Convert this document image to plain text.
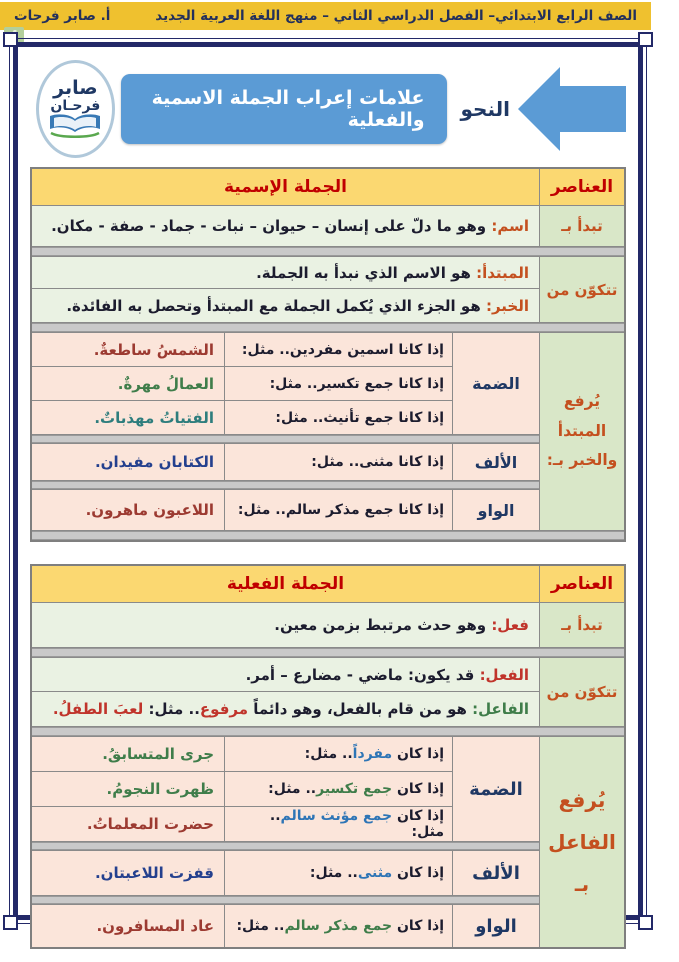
الصف الرابع الابتدائي– الفصل الدراسي الثاني – منهج اللغة العربية الجديد
أ. صابر فرحات
النحو
علامات إعراب الجملة الاسمية والفعلية
صابر
فرحـان
العناصر
الجملة الإسمية
تبدأ بـ
اسم: وهو ما دلّ على إنسان – حيوان – نبات - جماد - صفة - مكان.
تتكوّن من
المبتدأ: هو الاسم الذي نبدأ به الجملة.
الخبر: هو الجزء الذي يُكمل الجملة مع المبتدأ وتحصل به الفائدة.
يُرفع
المبتدأ
والخبر بـ:
الضمة
إذا كانا اسمين مفردين.. مثل:
الشمسُ ساطعةٌ.
إذا كانا جمع تكسير.. مثل:
العمالُ مهرةٌ.
إذا كانا جمع تأنيث.. مثل:
الفتياتُ مهذباتٌ.
الألف
إذا كانا مثنى.. مثل:
الكتابان مفيدان.
الواو
إذا كانا جمع مذكر سالم.. مثل:
اللاعبون ماهرون.
العناصر
الجملة الفعلية
تبدأ بـ
فعل: وهو حدث مرتبط بزمن معين.
تتكوّن من
الفعل: قد يكون: ماضي - مضارع – أمر.
الفاعل: هو من قام بالفعل، وهو دائماً مرفوع.. مثل: لعبَ الطفلُ.
يُرفع
الفاعل بـ
الضمة
إذا كان مفرداً.. مثل:
جرى المتسابقُ.
إذا كان جمع تكسير.. مثل:
ظهرت النجومُ.
إذا كان جمع مؤنث سالم.. مثل:
حضرت المعلماتُ.
الألف
إذا كان مثنى.. مثل:
قفزت اللاعبتان.
الواو
إذا كان جمع مذكر سالم.. مثل:
عاد المسافرون.
